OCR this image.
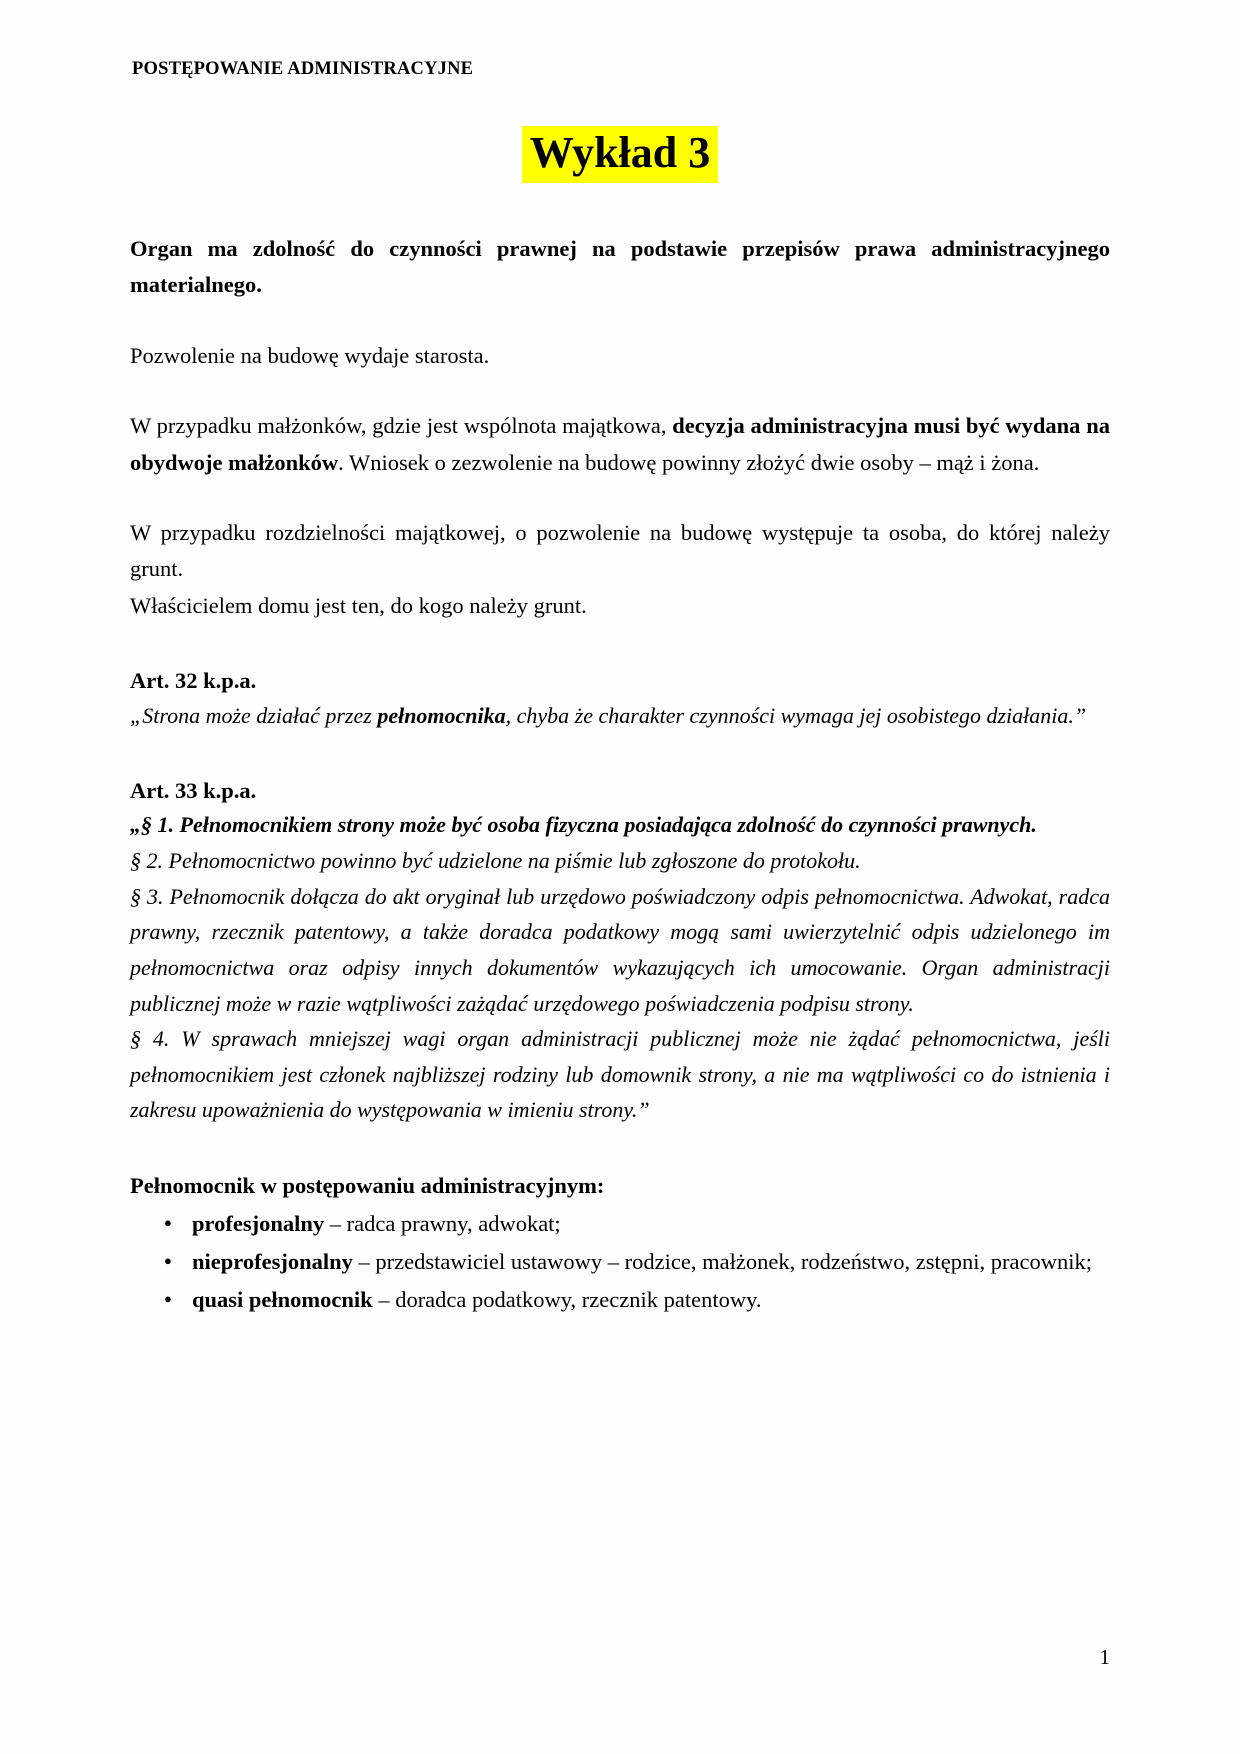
POSTĘPOWANIE ADMINISTRACYJNE
Wykład 3

Organ ma zdolność do czynności prawnej na podstawie przepisów prawa administracyjnego materialnego.

Pozwolenie na budowę wydaje starosta.

W przypadku małżonków, gdzie jest wspólnota majątkowa, decyzja administracyjna musi być wydana na obydwoje małżonków. Wniosek o zezwolenie na budowę powinny złożyć dwie osoby – mąż i żona.

W przypadku rozdzielności majątkowej, o pozwolenie na budowę występuje ta osoba, do której należy grunt.

Właścicielem domu jest ten, do kogo należy grunt.

Art. 32 k.p.a.

„Strona może działać przez pełnomocnika, chyba że charakter czynności wymaga jej osobistego działania.”

Art. 33 k.p.a.

„§ 1. Pełnomocnikiem strony może być osoba fizyczna posiadająca zdolność do czynności prawnych.

§ 2. Pełnomocnictwo powinno być udzielone na piśmie lub zgłoszone do protokołu.

§ 3. Pełnomocnik dołącza do akt oryginał lub urzędowo poświadczony odpis pełnomocnictwa. Adwokat, radca prawny, rzecznik patentowy, a także doradca podatkowy mogą sami uwierzytelnić odpis udzielonego im pełnomocnictwa oraz odpisy innych dokumentów wykazujących ich umocowanie. Organ administracji publicznej może w razie wątpliwości zażądać urzędowego poświadczenia podpisu strony.

§ 4. W sprawach mniejszej wagi organ administracji publicznej może nie żądać pełnomocnictwa, jeśli pełnomocnikiem jest członek najbliższej rodziny lub domownik strony, a nie ma wątpliwości co do istnienia i zakresu upoważnienia do występowania w imieniu strony.”

Pełnomocnik w postępowaniu administracyjnym:

● profesjonalny – radca prawny, adwokat;
● nieprofesjonalny – przedstawiciel ustawowy – rodzice, małżonek, rodzeństwo, zstępni, pracownik;
● quasi pełnomocnik – doradca podatkowy, rzecznik patentowy.
1
